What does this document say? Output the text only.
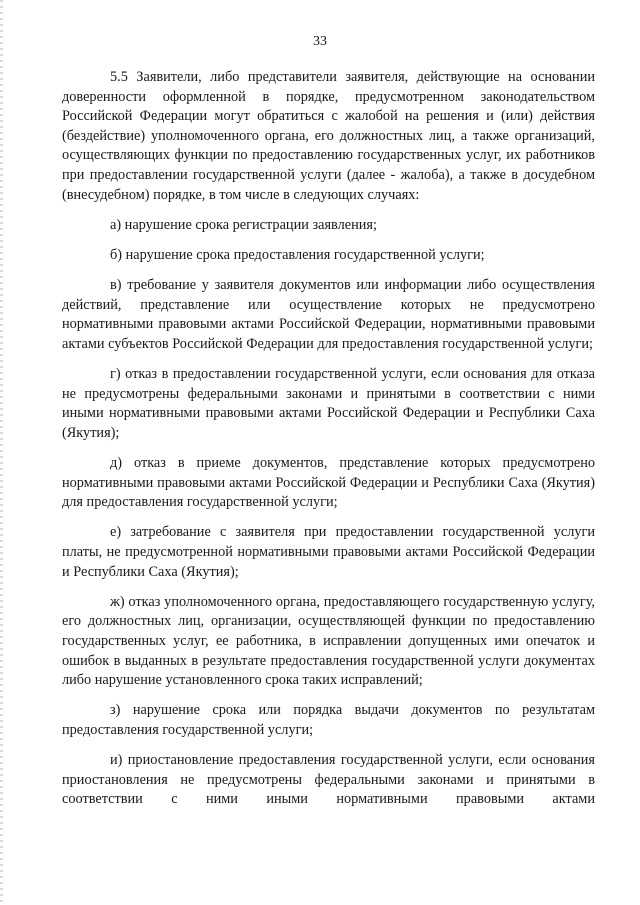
33

5.5 Заявители, либо представители заявителя, действующие на основании доверенности оформленной в порядке, предусмотренном законодательством Российской Федерации могут обратиться с жалобой на решения и (или) действия (бездействие) уполномоченного органа, его должностных лиц, а также организаций, осуществляющих функции по предоставлению государственных услуг, их работников при предоставлении государственной услуги (далее - жалоба), а также в досудебном (внесудебном) порядке, в том числе в следующих случаях:

а) нарушение срока регистрации заявления;

б) нарушение срока предоставления государственной услуги;

в) требование у заявителя документов или информации либо осуществления действий, представление или осуществление которых не предусмотрено нормативными правовыми актами Российской Федерации, нормативными правовыми актами субъектов Российской Федерации для предоставления государственной услуги;

г) отказ в предоставлении государственной услуги, если основания для отказа не предусмотрены федеральными законами и принятыми в соответствии с ними иными нормативными правовыми актами Российской Федерации и Республики Саха (Якутия);

д) отказ в приеме документов, представление которых предусмотрено нормативными правовыми актами Российской Федерации и Республики Саха (Якутия) для предоставления государственной услуги;

е) затребование с заявителя при предоставлении государственной услуги платы, не предусмотренной нормативными правовыми актами Российской Федерации и Республики Саха (Якутия);

ж) отказ уполномоченного органа, предоставляющего государственную услугу, его должностных лиц, организации, осуществляющей функции по предоставлению государственных услуг, ее работника, в исправлении допущенных ими опечаток и ошибок в выданных в результате предоставления государственной услуги документах либо нарушение установленного срока таких исправлений;

з) нарушение срока или порядка выдачи документов по результатам предоставления государственной услуги;

и) приостановление предоставления государственной услуги, если основания приостановления не предусмотрены федеральными законами и принятыми в соответствии с ними иными нормативными правовыми актами
